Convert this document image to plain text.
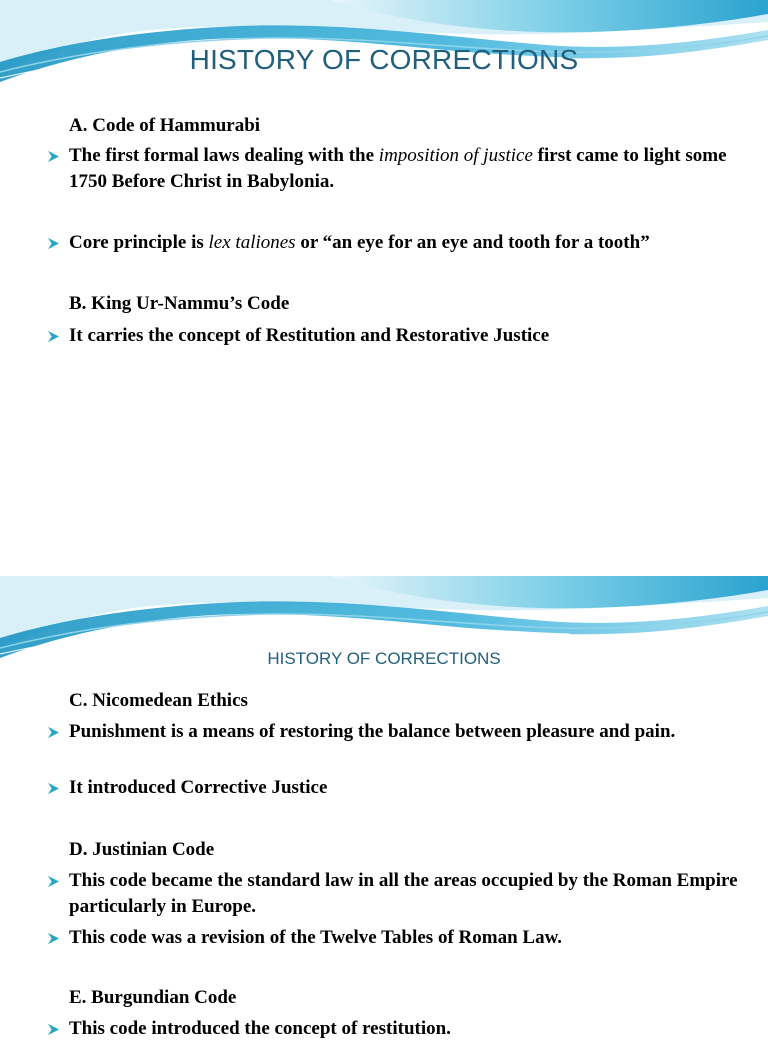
HISTORY OF CORRECTIONS

A. Code of Hammurabi

The first formal laws dealing with the imposition of justice first came to light some 1750 Before Christ in Babylonia.

Core principle is lex taliones or “an eye for an eye and tooth for a tooth”

B. King Ur-Nammu’s Code

It carries the concept of Restitution and Restorative Justice

HISTORY OF CORRECTIONS

C. Nicomedean Ethics

Punishment is a means of restoring the balance between pleasure and pain.

It introduced Corrective Justice

D. Justinian Code

This code became the standard law in all the areas occupied by the Roman Empire particularly in Europe.

This code was a revision of the Twelve Tables of Roman Law.

E. Burgundian Code

This code introduced the concept of restitution.
